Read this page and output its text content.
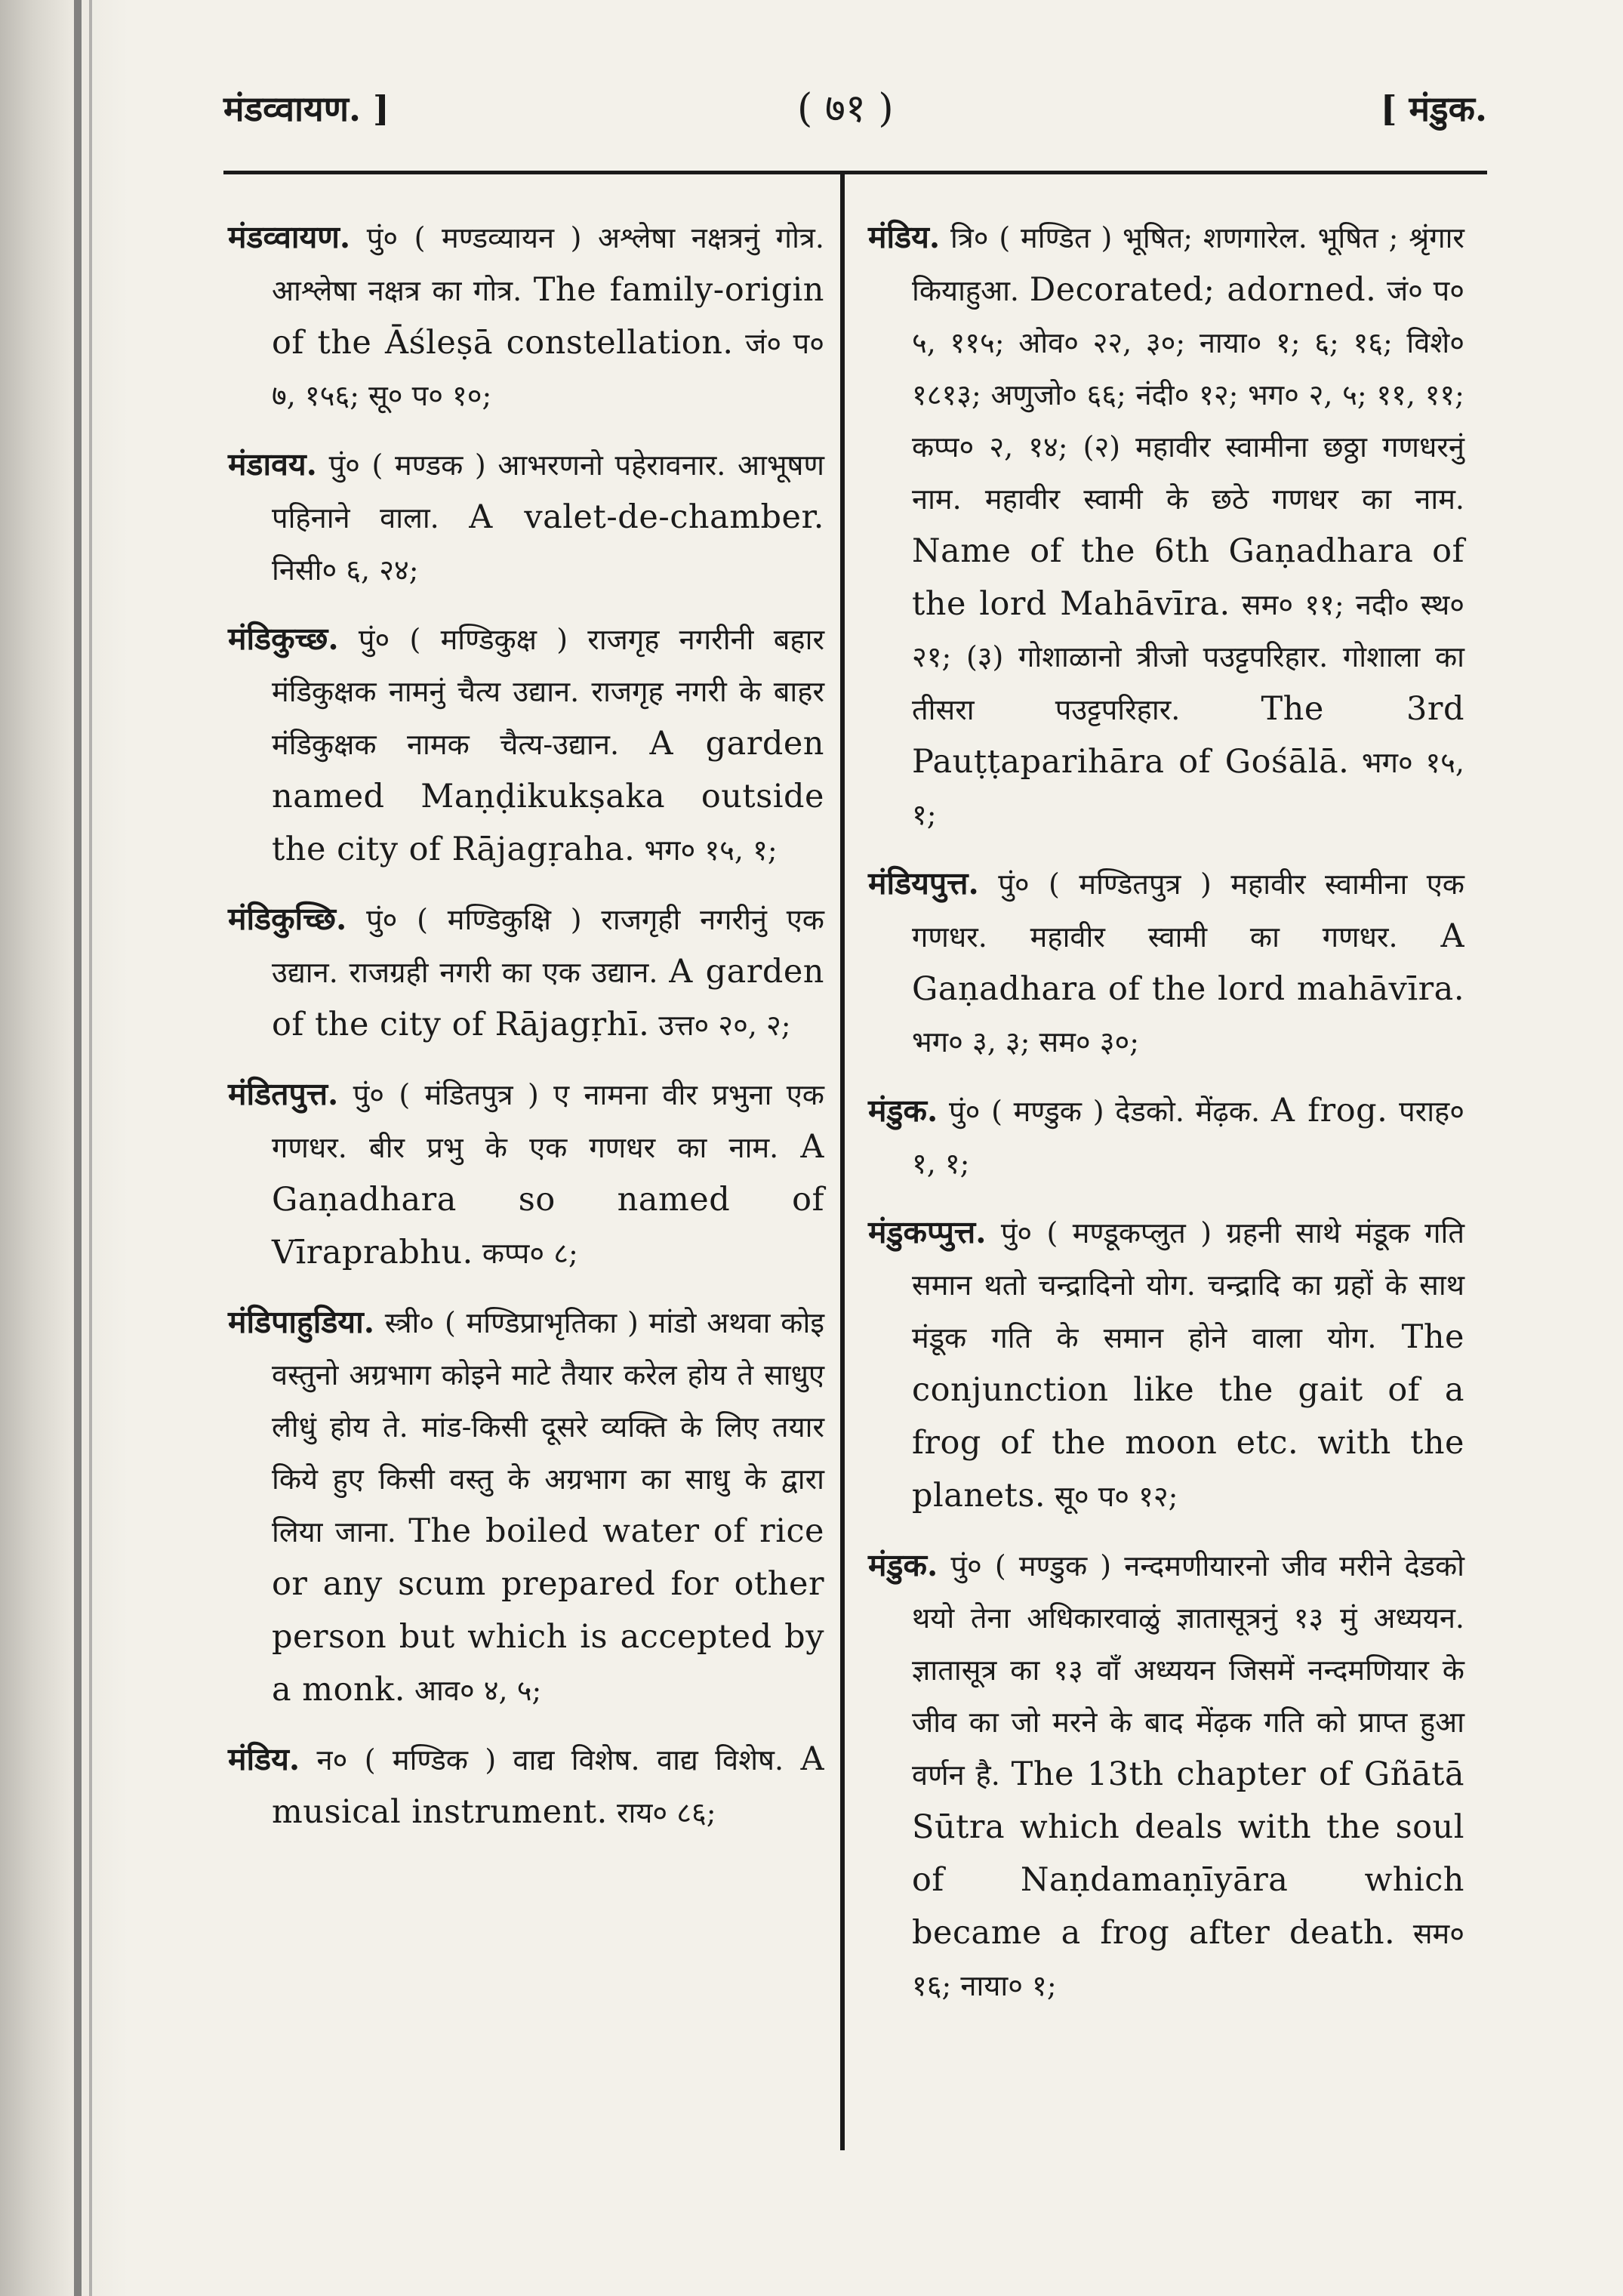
मंडव्वायण. ]	( ७१ )	[ मंडुक.

मंडव्वायण. पुं० ( मण्डव्यायन ) अश्लेषा नक्षत्रनुं गोत्र. आश्लेषा नक्षत्र का गोत्र. The family-origin of the Āśleṣā constellation. जं० प० ७, १५६; सू० प० १०;

मंडावय. पुं० ( मण्डक ) आभरणनो पहेरावनार. आभूषण पहिनाने वाला. A valet-de-chamber. निसी० ६, २४;

मंडिकुच्छ. पुं० ( मण्डिकुक्ष ) राजगृह नगरीनी बहार मंडिकुक्षक नामनुं चैत्य उद्यान. राजगृह नगरी के बाहर मंडिकुक्षक नामक चैत्य-उद्यान. A garden named Maṇḍikukṣaka outside the city of Rājagṛaha. भग० १५, १;

मंडिकुच्छि. पुं० ( मण्डिकुक्षि ) राजगृही नगरीनुं एक उद्यान. राजग्रही नगरी का एक उद्यान. A garden of the city of Rājagṛhī. उत्त० २०, २;

मंडितपुत्त. पुं० ( मंडितपुत्र ) ए नामना वीर प्रभुना एक गणधर. बीर प्रभु के एक गणधर का नाम. A Gaṇadhara so named of Vīraprabhu. कप्प० ८;

मंडिपाहुडिया. स्त्री० ( मण्डिप्राभृतिका ) मांडो अथवा कोइ वस्तुनो अग्रभाग कोइने माटे तैयार करेल होय ते साधुए लीधुं होय ते. मांड-किसी दूसरे व्यक्ति के लिए तयार किये हुए किसी वस्तु के अग्रभाग का साधु के द्वारा लिया जाना. The boiled water of rice or any scum prepared for other person but which is accepted by a monk. आव० ४, ५;

मंडिय. न० ( मण्डिक ) वाद्य विशेष. वाद्य विशेष. A musical instrument. राय० ८६;

मंडिय. त्रि० ( मण्डित ) भूषित; शणगारेल. भूषित ; श्रृंगार कियाहुआ. Decorated; adorned. जं० प० ५, ११५; ओव० २२, ३०; नाया० १; ६; १६; विशे० १८१३; अणुजो० ६६; नंदी० १२; भग० २, ५; ११, ११; कप्प० २, १४; (२) महावीर स्वामीना छठ्ठा गणधरनुं नाम. महावीर स्वामी के छठे गणधर का नाम. Name of the 6th Gaṇadhara of the lord Mahāvīra. सम० ११; नदी० स्थ० २१; (३) गोशाळानो त्रीजो पउट्टपरिहार. गोशाला का तीसरा पउट्टपरिहार. The 3rd Pauṭṭaparihāra of Gośālā. भग० १५, १;

मंडियपुत्त. पुं० ( मण्डितपुत्र ) महावीर स्वामीना एक गणधर. महावीर स्वामी का गणधर. A Gaṇadhara of the lord mahāvīra. भग० ३, ३; सम० ३०;

मंडुक. पुं० ( मण्डुक ) देडको. मेंढ़क. A frog. पराह० १, १;

मंडुकप्पुत्त. पुं० ( मण्डूकप्लुत ) ग्रहनी साथे मंडूक गति समान थतो चन्द्रादिनो योग. चन्द्रादि का ग्रहों के साथ मंडूक गति के समान होने वाला योग. The conjunction like the gait of a frog of the moon etc. with the planets. सू० प० १२;

मंडुक. पुं० ( मण्डुक ) नन्दमणीयारनो जीव मरीने देडको थयो तेना अधिकारवाळुं ज्ञातासूत्रनुं १३ मुं अध्ययन. ज्ञातासूत्र का १३ वाँ अध्ययन जिसमें नन्दमणियार के जीव का जो मरने के बाद मेंढ़क गति को प्राप्त हुआ वर्णन है. The 13th chapter of Gñātā Sūtra which deals with the soul of Naṇdamaṇīyāra which became a frog after death. सम० १६; नाया० १;
